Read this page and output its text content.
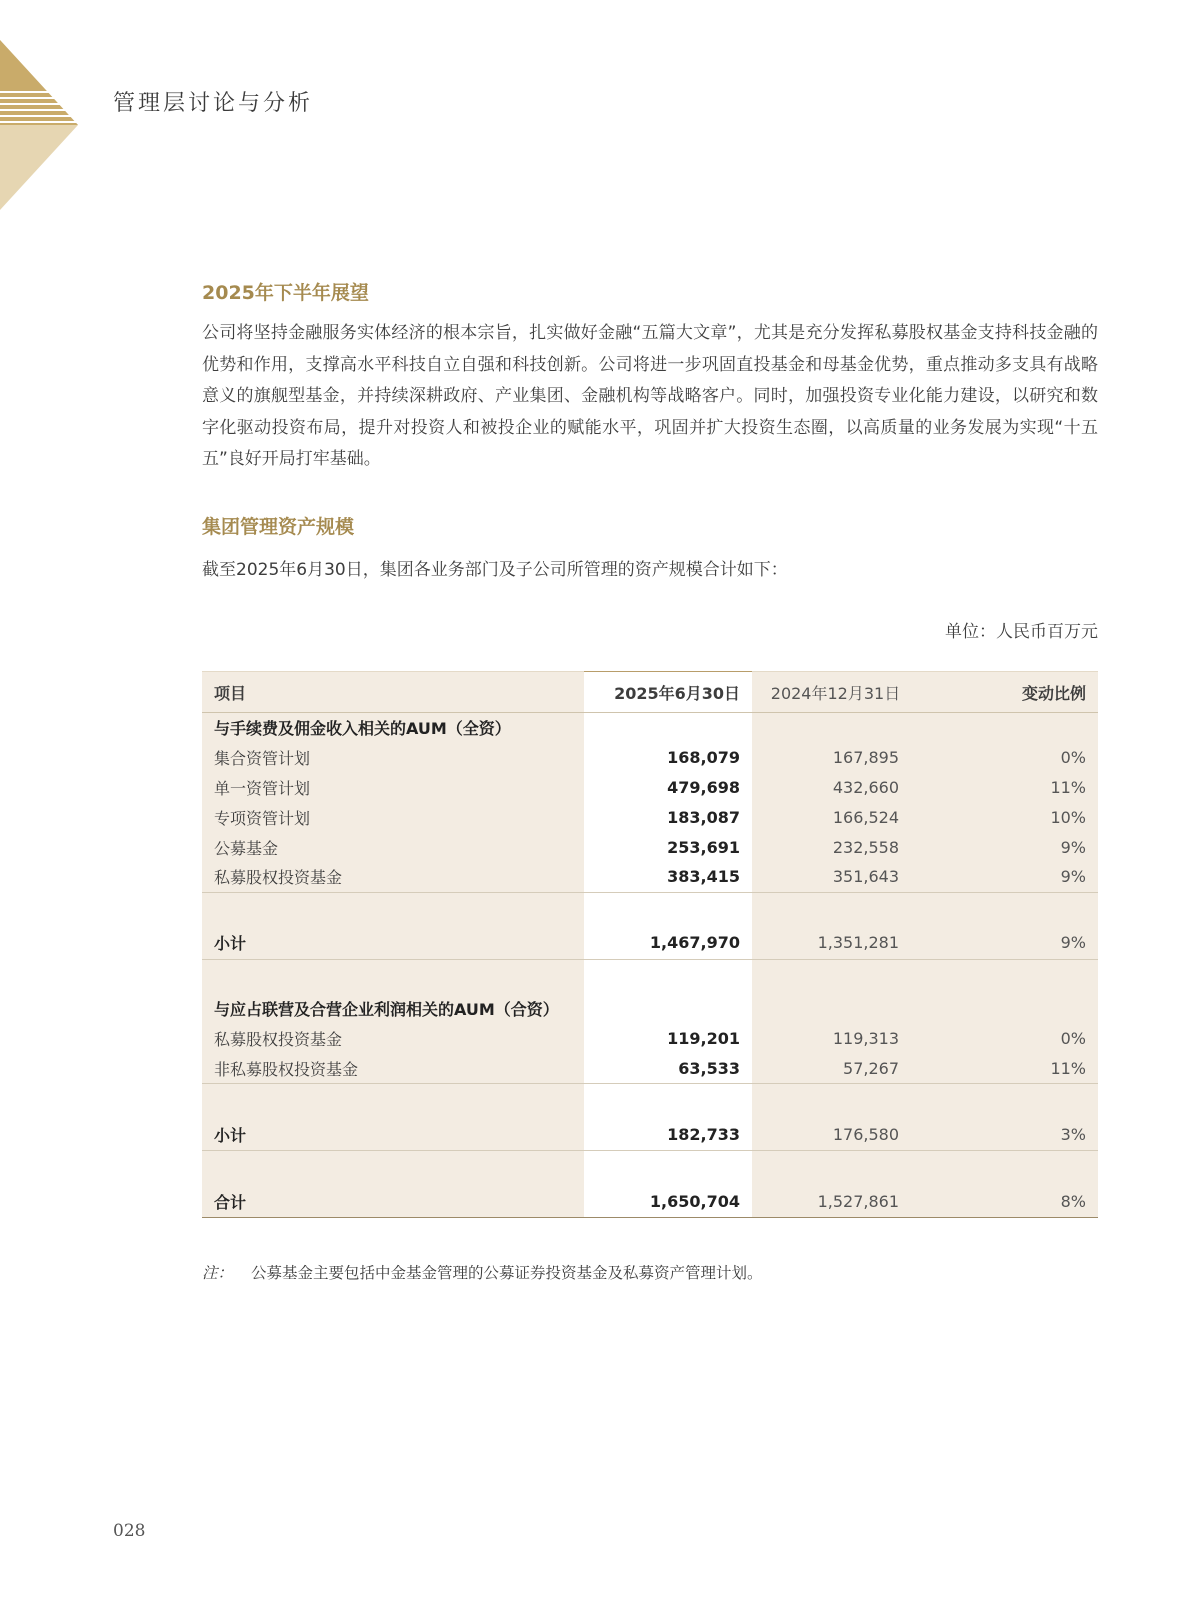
管理层讨论与分析
2025年下半年展望
公司将坚持金融服务实体经济的根本宗旨，扎实做好金融“五篇大文章”，尤其是充分发挥私募股权基金支持科技金融的优势和作用，支撑高水平科技自立自强和科技创新。公司将进一步巩固直投基金和母基金优势，重点推动多支具有战略意义的旗舰型基金，并持续深耕政府、产业集团、金融机构等战略客户。同时，加强投资专业化能力建设，以研究和数字化驱动投资布局，提升对投资人和被投企业的赋能水平，巩固并扩大投资生态圈，以高质量的业务发展为实现“十五五”良好开局打牢基础。
集团管理资产规模
截至2025年6月30日，集团各业务部门及子公司所管理的资产规模合计如下：
单位：人民币百万元
项目	2025年6月30日	2024年12月31日	变动比例
与手续费及佣金收入相关的AUM（全资）			
集合资管计划	168,079	167,895	0%
单一资管计划	479,698	432,660	11%
专项资管计划	183,087	166,524	10%
公募基金	253,691	232,558	9%
私募股权投资基金	383,415	351,643	9%

小计	1,467,970	1,351,281	9%

与应占联营及合营企业利润相关的AUM（合资）			
私募股权投资基金	119,201	119,313	0%
非私募股权投资基金	63,533	57,267	11%

小计	182,733	176,580	3%

合计	1,650,704	1,527,861	8%
注： 公募基金主要包括中金基金管理的公募证券投资基金及私募资产管理计划。
028
